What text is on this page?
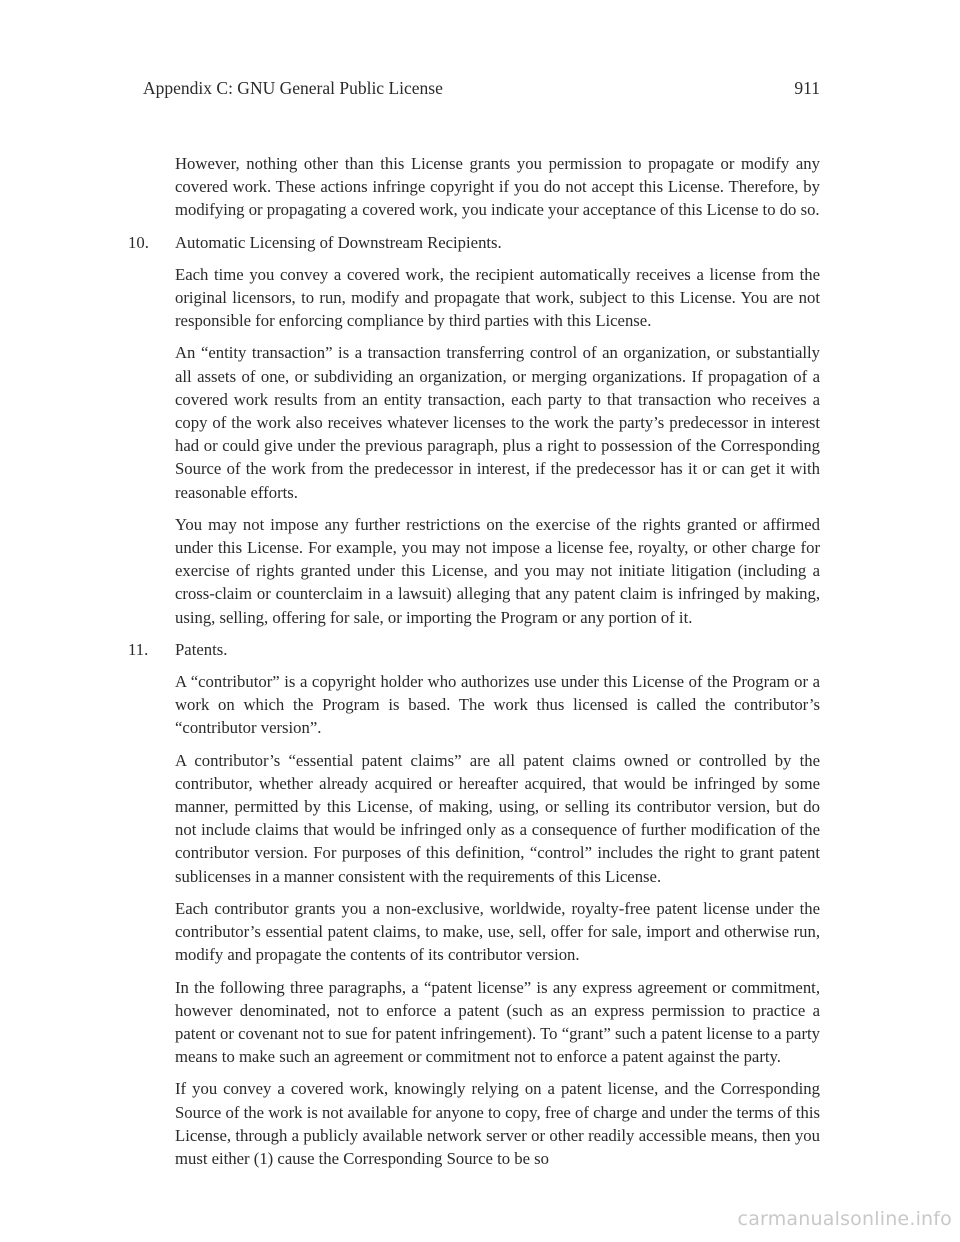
Appendix C: GNU General Public License	911

However, nothing other than this License grants you permission to propagate or modify any covered work. These actions infringe copyright if you do not accept this License. Therefore, by modifying or propagating a covered work, you indicate your acceptance of this License to do so.

10. Automatic Licensing of Downstream Recipients.

Each time you convey a covered work, the recipient automatically receives a license from the original licensors, to run, modify and propagate that work, subject to this License. You are not responsible for enforcing compliance by third parties with this License.

An “entity transaction” is a transaction transferring control of an organization, or substantially all assets of one, or subdividing an organization, or merging organizations. If propagation of a covered work results from an entity transaction, each party to that transaction who receives a copy of the work also receives whatever licenses to the work the party’s predecessor in interest had or could give under the previous paragraph, plus a right to possession of the Corresponding Source of the work from the predecessor in interest, if the predecessor has it or can get it with reasonable efforts.

You may not impose any further restrictions on the exercise of the rights granted or affirmed under this License. For example, you may not impose a license fee, royalty, or other charge for exercise of rights granted under this License, and you may not initiate litigation (including a cross-claim or counterclaim in a lawsuit) alleging that any patent claim is infringed by making, using, selling, offering for sale, or importing the Program or any portion of it.

11. Patents.

A “contributor” is a copyright holder who authorizes use under this License of the Program or a work on which the Program is based. The work thus licensed is called the contributor’s “contributor version”.

A contributor’s “essential patent claims” are all patent claims owned or controlled by the contributor, whether already acquired or hereafter acquired, that would be infringed by some manner, permitted by this License, of making, using, or selling its contributor version, but do not include claims that would be infringed only as a consequence of further modification of the contributor version. For purposes of this definition, “control” includes the right to grant patent sublicenses in a manner consistent with the requirements of this License.

Each contributor grants you a non-exclusive, worldwide, royalty-free patent license under the contributor’s essential patent claims, to make, use, sell, offer for sale, import and otherwise run, modify and propagate the contents of its contributor version.

In the following three paragraphs, a “patent license” is any express agreement or commitment, however denominated, not to enforce a patent (such as an express permission to practice a patent or covenant not to sue for patent infringement). To “grant” such a patent license to a party means to make such an agreement or commitment not to enforce a patent against the party.

If you convey a covered work, knowingly relying on a patent license, and the Corresponding Source of the work is not available for anyone to copy, free of charge and under the terms of this License, through a publicly available network server or other readily accessible means, then you must either (1) cause the Corresponding Source to be so

carmanualsonline.info
